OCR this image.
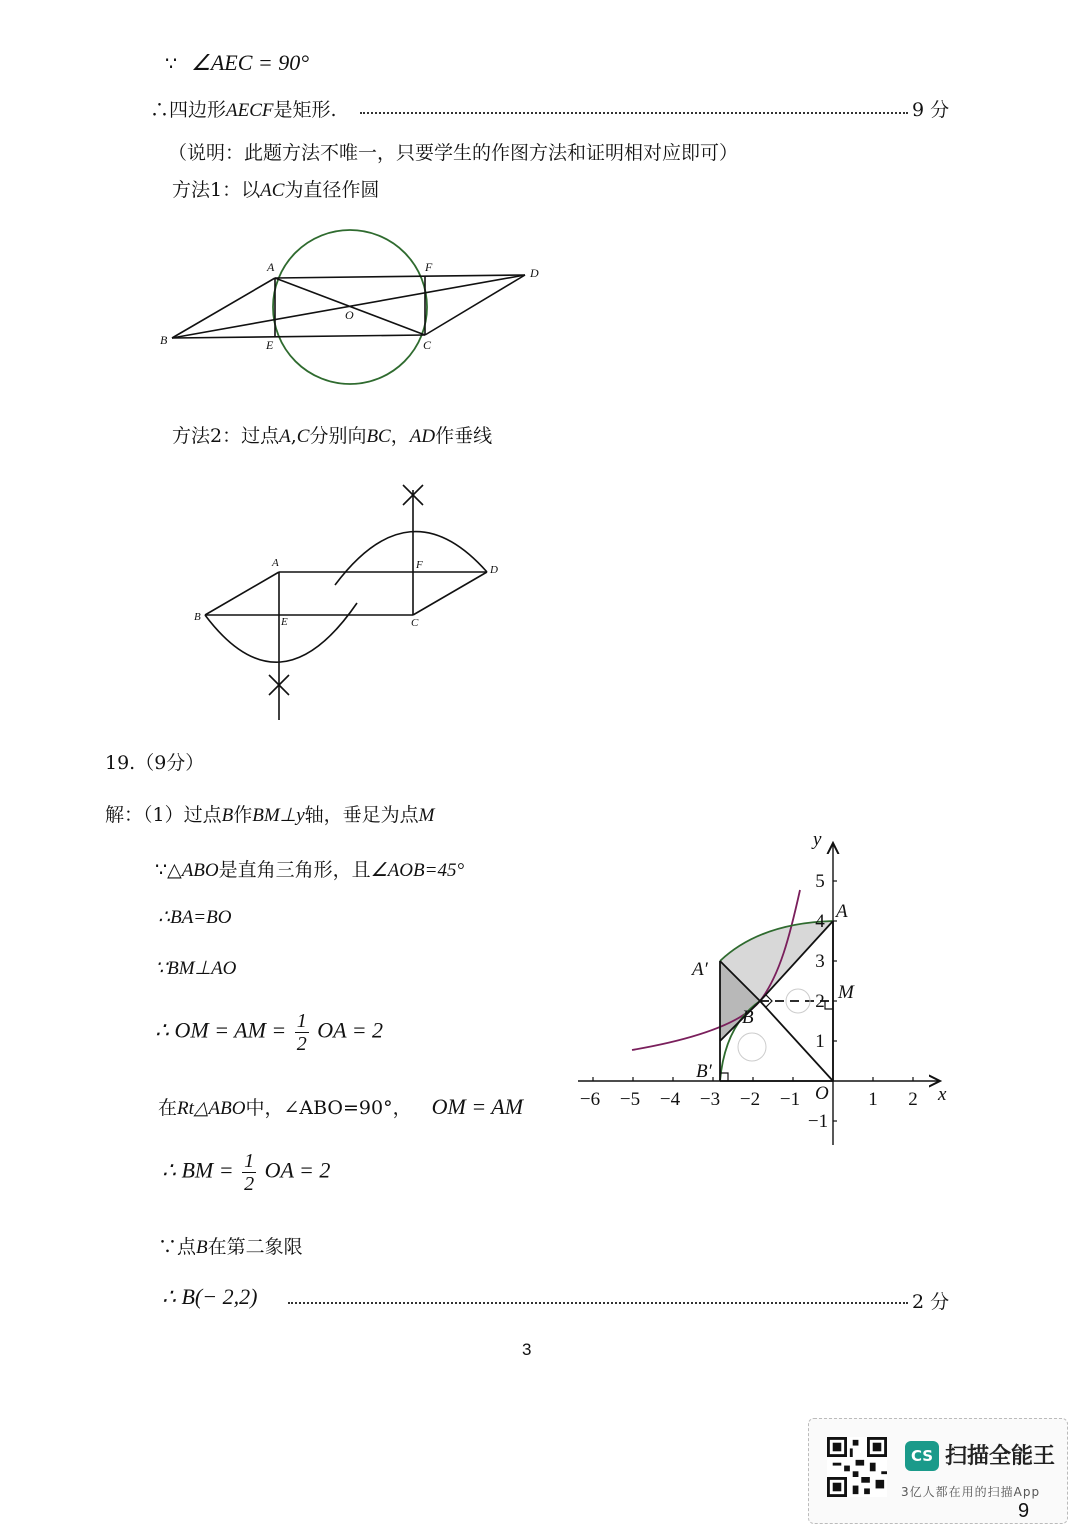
∵ ∠AEC = 90°
∴四边形AECF是矩形.	9 分
（说明：此题方法不唯一，只要学生的作图方法和证明相对应即可）
方法1：以AC为直径作圆
A	F	D
O
B	E	C
方法2：过点A,C分别向BC，AD作垂线
A	F	D
B	E	C
19.（9分）
解：（1）过点B作BM⊥y轴，垂足为点M
∵△ABO是直角三角形，且∠AOB=45°
∴BA=BO
∵BM⊥AO
∴ OM = AM = $\frac{1}{2}$ OA = 2
在Rt△ABO中，∠ABO=90°， OM = AM
∴ BM = $\frac{1}{2}$ OA = 2
∵点B在第二象限
∴ B(− 2,2)	2 分
y
x
O
A
A′
B
B′
M
−6 −5 −4 −3 −2 −1	1 2
5
4
3
2
1
−1
3
CS 扫描全能王
3亿人都在用的扫描App
9
